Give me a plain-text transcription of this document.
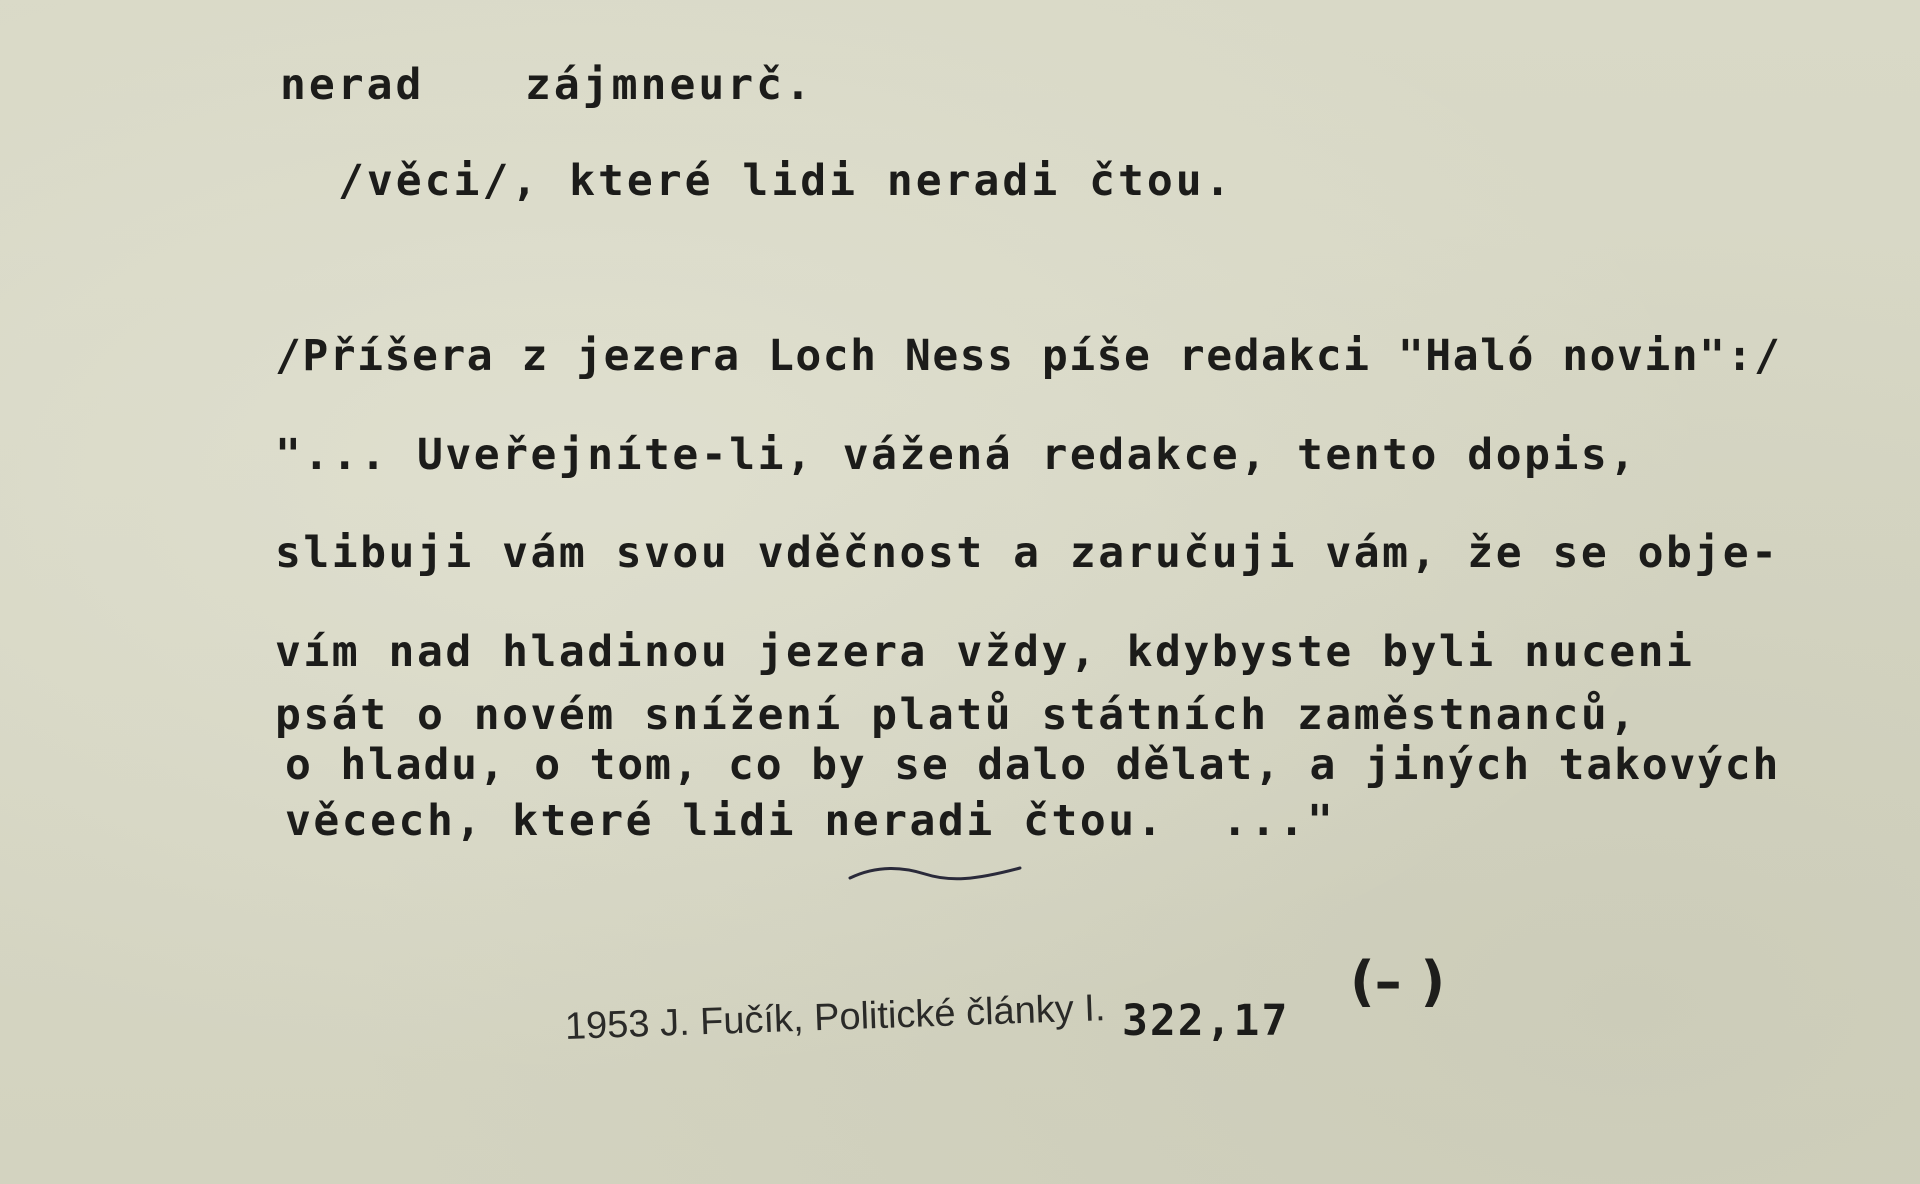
nerad zájmneurč.
/věci/, které lidi neradi čtou.
/Příšera z jezera Loch Ness píše redakci "Haló novin":/
"... Uveřejníte-li, vážená redakce, tento dopis,
slibuji vám svou vděčnost a zaručuji vám, že se obje-
vím nad hladinou jezera vždy, kdybyste byli nuceni
psát o novém snížení platů státních zaměstnanců,
o hladu, o tom, co by se dalo dělat, a jiných takových
věcech, které lidi neradi čtou.  ..."
1953 J. Fučík, Politické články I. 322,17
(– )
